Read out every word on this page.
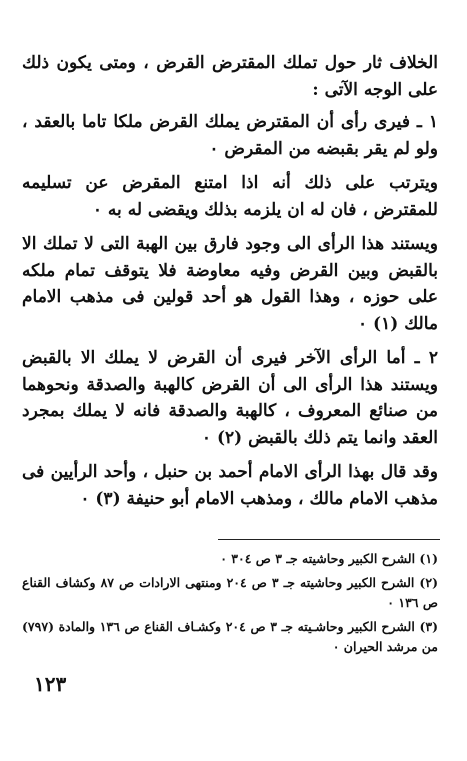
الخلاف ثار حول تملك المقترض القرض ، ومتى يكون ذلك على الوجه الآتى :

١ ـ فيرى رأى أن المقترض يملك القرض ملكا تاما بالعقد ، ولو لم يقر بقبضه من المقرض ٠

ويترتب على ذلك أنه اذا امتنع المقرض عن تسليمه للمقترض ، فان له ان يلزمه بذلك ويقضى له به ٠

ويستند هذا الرأى الى وجود فارق بين الهبة التى لا تملك الا بالقبض وبين القرض وفيه معاوضة فلا يتوقف تمام ملكه على حوزه ، وهذا القول هو أحد قولين فى مذهب الامام مالك (١) ٠

٢ ـ أما الرأى الآخر فيرى أن القرض لا يملك الا بالقبض ويستند هذا الرأى الى أن القرض كالهبة والصدقة ونحوهما من صنائع المعروف ، كالهبة والصدقة فانه لا يملك بمجرد العقد وانما يتم ذلك بالقبض (٢) ٠

وقد قال بهذا الرأى الامام أحمد بن حنبل ، وأحد الرأيين فى مذهب الامام مالك ، ومذهب الامام أبو حنيفة (٣) ٠

(١) الشرح الكبير وحاشيته جـ ٣ ص ٣٠٤ ٠

(٢) الشرح الكبير وحاشيته جـ ٣ ص ٢٠٤ ومنتهى الارادات ص ٨٧ وكشاف القناع ص ١٣٦ ٠

(٣) الشرح الكبير وحاشـيته جـ ٣ ص ٢٠٤ وكشـاف القناع ص ١٣٦ والمادة (٧٩٧) من مرشد الحيران ٠

١٢٣
